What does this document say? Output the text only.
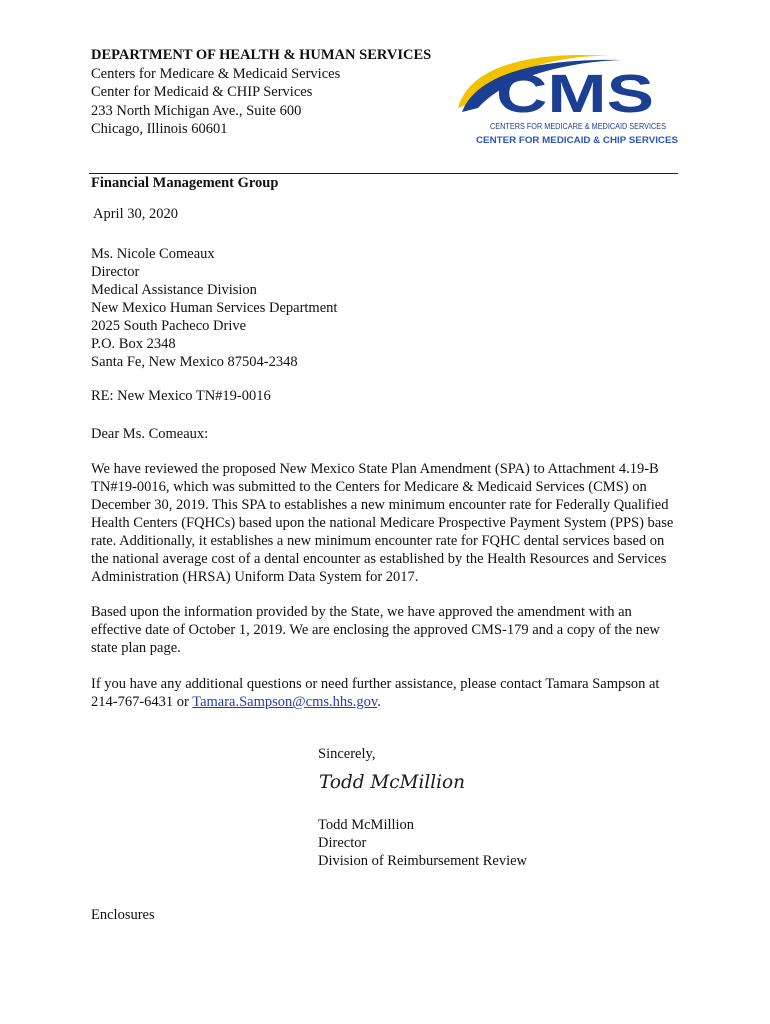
DEPARTMENT OF HEALTH & HUMAN SERVICES
Centers for Medicare & Medicaid Services
Center for Medicaid & CHIP Services
233 North Michigan Ave., Suite 600
Chicago, Illinois 60601
CMS
CENTERS FOR MEDICARE & MEDICAID SERVICES
CENTER FOR MEDICAID & CHIP SERVICES
Financial Management Group
April 30, 2020
Ms. Nicole Comeaux
Director
Medical Assistance Division
New Mexico Human Services Department
2025 South Pacheco Drive
P.O. Box 2348
Santa Fe, New Mexico 87504-2348
RE: New Mexico TN#19-0016
Dear Ms. Comeaux:
We have reviewed the proposed New Mexico State Plan Amendment (SPA) to Attachment 4.19-B TN#19-0016, which was submitted to the Centers for Medicare & Medicaid Services (CMS) on December 30, 2019. This SPA to establishes a new minimum encounter rate for Federally Qualified Health Centers (FQHCs) based upon the national Medicare Prospective Payment System (PPS) base rate. Additionally, it establishes a new minimum encounter rate for FQHC dental services based on the national average cost of a dental encounter as established by the Health Resources and Services Administration (HRSA) Uniform Data System for 2017.
Based upon the information provided by the State, we have approved the amendment with an effective date of October 1, 2019. We are enclosing the approved CMS-179 and a copy of the new state plan page.
If you have any additional questions or need further assistance, please contact Tamara Sampson at 214-767-6431 or Tamara.Sampson@cms.hhs.gov.
Sincerely,
Todd McMillion
Todd McMillion
Director
Division of Reimbursement Review
Enclosures
